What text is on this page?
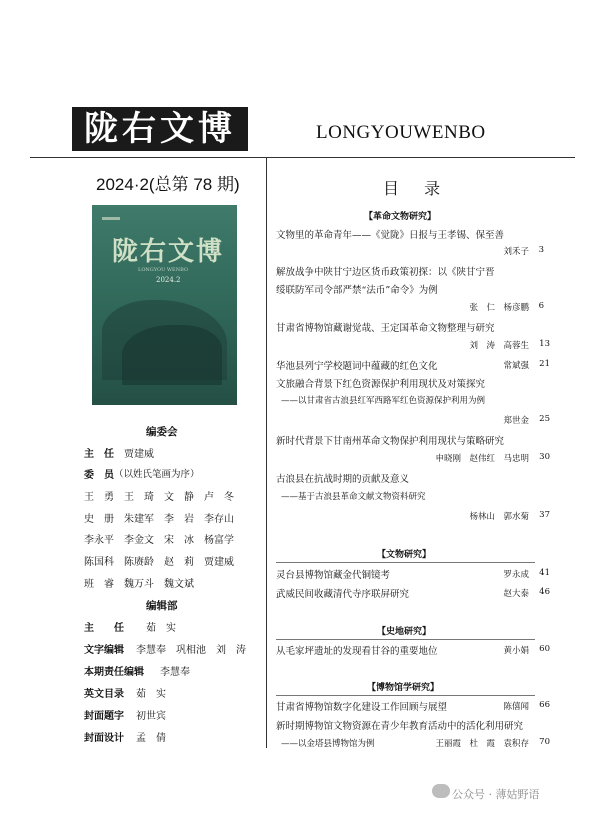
陇右文博	LONGYOUWENBO
2024·2(总第 78 期)
陇右文博
LONGYOU WENBO
2024.2
编委会
主　任 贾建威
委　员 （以姓氏笔画为序）
王　勇 王　琦 文　静 卢　冬
史　册 朱建军 李　岩 李存山
李永平 李金文 宋　冰 杨富学
陈国科 陈赓龄 赵　莉 贾建威
班　睿 魏万斗 魏文斌
编辑部
主　　任 茹　实
文字编辑 李慧奉　巩相池　刘　涛
本期责任编辑 李慧奉
英文目录 茹　实
封面题字 初世宾
封面设计 孟　倩
目 录
【革命文物研究】
文物里的革命青年——《觉陇》日报与王孝锡、保至善
刘禾子 3
解放战争中陕甘宁边区货币政策初探：以《陕甘宁晋
绥联防军司令部严禁“法币”命令》为例
张　仁　杨彦鹏 6
甘肃省博物馆藏谢觉哉、王定国革命文物整理与研究
刘　涛　高蓉生 13
华池县列宁学校题词中蕴藏的红色文化	常斌强 21
文旅融合背景下红色资源保护利用现状及对策探究
——以甘肃省古浪县红军西路军红色资源保护利用为例
郑世金 25
新时代背景下甘南州革命文物保护利用现状与策略研究
申晓刚　赵伟红　马忠明 30
古浪县在抗战时期的贡献及意义
——基于古浪县革命文献文物资料研究
杨林山　郭水菊 37
【文物研究】
灵台县博物馆藏金代铜镜考	罗永成 41
武威民间收藏清代寺序联屏研究	赵大泰 46
【史地研究】
从毛家坪遗址的发现看甘谷的重要地位	黄小娟 60
【博物馆学研究】
甘肃省博物馆数字化建设工作回顾与展望	陈僖闻 66
新时期博物馆文物资源在青少年教育活动中的活化利用研究
——以金塔县博物馆为例	王丽霞　杜　霞　袁积存 70
公众号 · 薄姑野语
